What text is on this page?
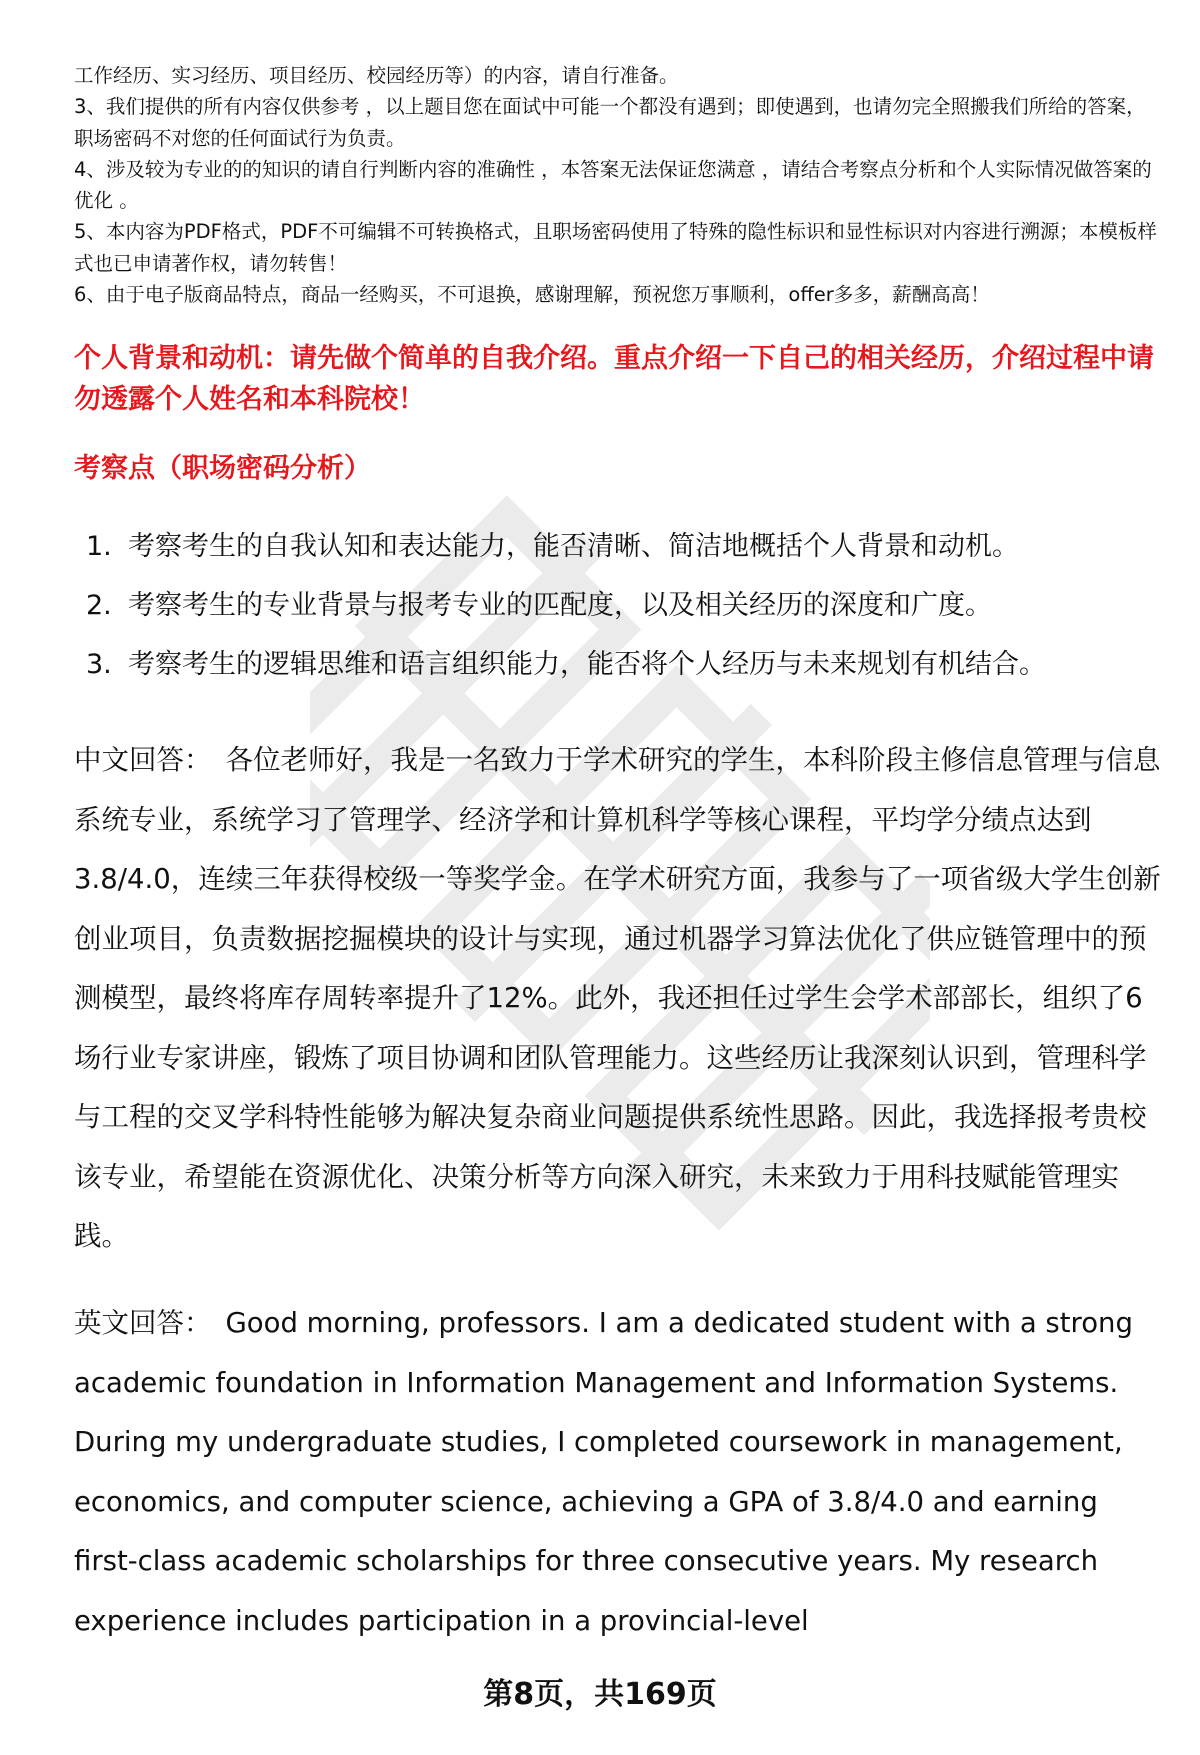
工作经历、实习经历、项目经历、校园经历等）的内容，请自行准备。

3、我们提供的所有内容仅供参考 ，以上题目您在面试中可能一个都没有遇到；即使遇到，也请勿完全照搬我们所给的答案，职场密码不对您的任何面试行为负责。

4、涉及较为专业的的知识的请自行判断内容的准确性 ，本答案无法保证您满意 ，请结合考察点分析和个人实际情况做答案的优化 。

5、本内容为PDF格式，PDF不可编辑不可转换格式，且职场密码使用了特殊的隐性标识和显性标识对内容进行溯源；本模板样式也已申请著作权，请勿转售！

6、由于电子版商品特点，商品一经购买，不可退换，感谢理解，预祝您万事顺利，offer多多，薪酬高高！

个人背景和动机：请先做个简单的自我介绍。重点介绍一下自己的相关经历，介绍过程中请勿透露个人姓名和本科院校！
考察点（职场密码分析）
1. 考察考生的自我认知和表达能力，能否清晰、简洁地概括个人背景和动机。
2. 考察考生的专业背景与报考专业的匹配度，以及相关经历的深度和广度。
3. 考察考生的逻辑思维和语言组织能力，能否将个人经历与未来规划有机结合。

中文回答： 各位老师好，我是一名致力于学术研究的学生，本科阶段主修信息管理与信息系统专业，系统学习了管理学、经济学和计算机科学等核心课程，平均学分绩点达到3.8/4.0，连续三年获得校级一等奖学金。在学术研究方面，我参与了一项省级大学生创新创业项目，负责数据挖掘模块的设计与实现，通过机器学习算法优化了供应链管理中的预测模型，最终将库存周转率提升了12%。此外，我还担任过学生会学术部部长，组织了6场行业专家讲座，锻炼了项目协调和团队管理能力。这些经历让我深刻认识到，管理科学与工程的交叉学科特性能够为解决复杂商业问题提供系统性思路。因此，我选择报考贵校该专业，希望能在资源优化、决策分析等方向深入研究，未来致力于用科技赋能管理实践。

英文回答： Good morning, professors. I am a dedicated student with a strong academic foundation in Information Management and Information Systems. During my undergraduate studies, I completed coursework in management, economics, and computer science, achieving a GPA of 3.8/4.0 and earning first-class academic scholarships for three consecutive years. My research experience includes participation in a provincial-level

第8页，共169页
